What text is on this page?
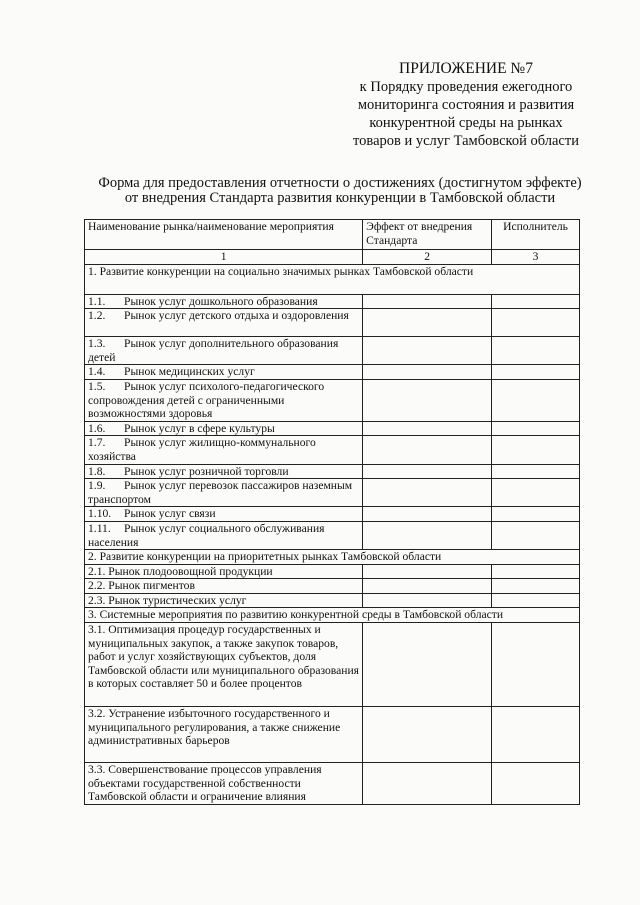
ПРИЛОЖЕНИЕ №7
к Порядку проведения ежегодного
мониторинга состояния и развития
конкурентной среды на рынках
товаров и услуг Тамбовской области
Форма для предоставления отчетности о достижениях (достигнутом эффекте)
от внедрения Стандарта развития конкуренции в Тамбовской области
Наименование рынка/наименование мероприятия	Эффект от внедрения Стандарта	Исполнитель
1	2	3
1. Развитие конкуренции на социально значимых рынках Тамбовской области		
1.1. Рынок услуг дошкольного образования		
1.2. Рынок услуг детского отдыха и оздоровления		
1.3. Рынок услуг дополнительного образования детей		
1.4. Рынок медицинских услуг		
1.5. Рынок услуг психолого-педагогического сопровождения детей с ограниченными возможностями здоровья		
1.6. Рынок услуг в сфере культуры		
1.7. Рынок услуг жилищно-коммунального хозяйства		
1.8. Рынок услуг розничной торговли		
1.9. Рынок услуг перевозок пассажиров наземным транспортом		
1.10. Рынок услуг связи		
1.11. Рынок услуг социального обслуживания населения		
2. Развитие конкуренции на приоритетных рынках Тамбовской области		
2.1. Рынок плодоовощной продукции		
2.2. Рынок пигментов		
2.3. Рынок туристических услуг		
3. Системные мероприятия по развитию конкурентной среды в Тамбовской области		
3.1. Оптимизация процедур государственных и муниципальных закупок, а также закупок товаров, работ и услуг хозяйствующих субъектов, доля Тамбовской области или муниципального образования в которых составляет 50 и более процентов		
3.2. Устранение избыточного государственного и муниципального регулирования, а также снижение административных барьеров		
3.3. Совершенствование процессов управления объектами государственной собственности Тамбовской области и ограничение влияния		
